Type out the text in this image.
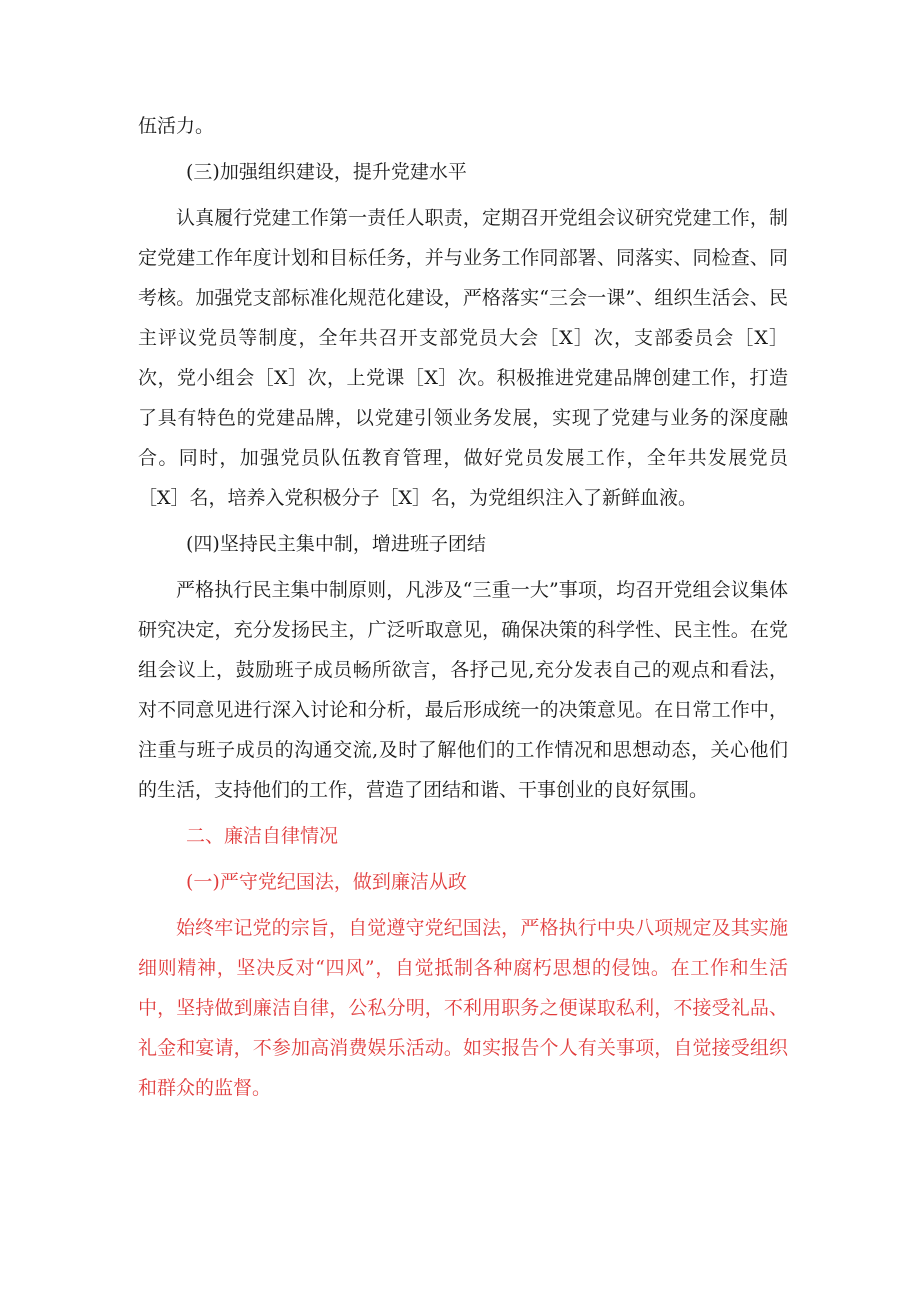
伍活力。

(三)加强组织建设，提升党建水平

认真履行党建工作第一责任人职责，定期召开党组会议研究党建工作，制定党建工作年度计划和目标任务，并与业务工作同部署、同落实、同检查、同考核。加强党支部标准化规范化建设，严格落实“三会一课”、组织生活会、民主评议党员等制度，全年共召开支部党员大会［X］次，支部委员会［X］次，党小组会［X］次，上党课［X］次。积极推进党建品牌创建工作，打造了具有特色的党建品牌，以党建引领业务发展，实现了党建与业务的深度融合。同时，加强党员队伍教育管理，做好党员发展工作，全年共发展党员［X］名，培养入党积极分子［X］名，为党组织注入了新鲜血液。

(四)坚持民主集中制，增进班子团结

严格执行民主集中制原则，凡涉及“三重一大”事项，均召开党组会议集体研究决定，充分发扬民主，广泛听取意见，确保决策的科学性、民主性。在党组会议上，鼓励班子成员畅所欲言，各抒己见,充分发表自己的观点和看法，对不同意见进行深入讨论和分析，最后形成统一的决策意见。在日常工作中，注重与班子成员的沟通交流,及时了解他们的工作情况和思想动态，关心他们的生活，支持他们的工作，营造了团结和谐、干事创业的良好氛围。

二、廉洁自律情况

(一)严守党纪国法，做到廉洁从政

始终牢记党的宗旨，自觉遵守党纪国法，严格执行中央八项规定及其实施细则精神，坚决反对“四风”，自觉抵制各种腐朽思想的侵蚀。在工作和生活中，坚持做到廉洁自律，公私分明，不利用职务之便谋取私利，不接受礼品、礼金和宴请，不参加高消费娱乐活动。如实报告个人有关事项，自觉接受组织和群众的监督。
